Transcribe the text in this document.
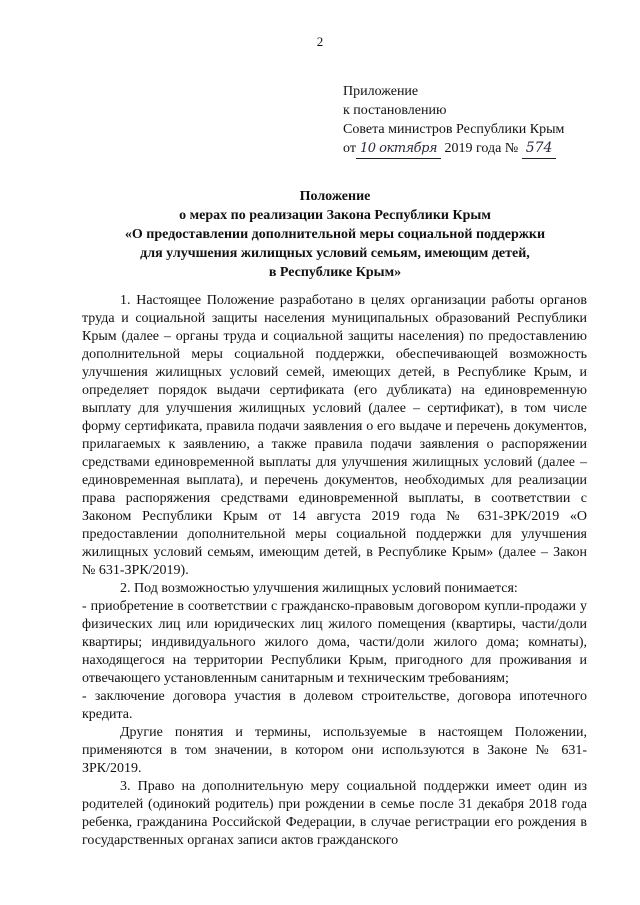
2
Приложение
к постановлению
Совета министров Республики Крым
от 10 октября 2019 года № 574
Положение
о мерах по реализации Закона Республики Крым
«О предоставлении дополнительной меры социальной поддержки
для улучшения жилищных условий семьям, имеющим детей,
в Республике Крым»

1. Настоящее Положение разработано в целях организации работы органов труда и социальной защиты населения муниципальных образований Республики Крым (далее – органы труда и социальной защиты населения) по предоставлению дополнительной меры социальной поддержки, обеспечивающей возможность улучшения жилищных условий семей, имеющих детей, в Республике Крым, и определяет порядок выдачи сертификата (его дубликата) на единовременную выплату для улучшения жилищных условий (далее – сертификат), в том числе форму сертификата, правила подачи заявления о его выдаче и перечень документов, прилагаемых к заявлению, а также правила подачи заявления о распоряжении средствами единовременной выплаты для улучшения жилищных условий (далее – единовременная выплата), и перечень документов, необходимых для реализации права распоряжения средствами единовременной выплаты, в соответствии с Законом Республики Крым от 14 августа 2019 года № 631-ЗРК/2019 «О предоставлении дополнительной меры социальной поддержки для улучшения жилищных условий семьям, имеющим детей, в Республике Крым» (далее – Закон № 631-ЗРК/2019).

2. Под возможностью улучшения жилищных условий понимается:

- приобретение в соответствии с гражданско-правовым договором купли-продажи у физических лиц или юридических лиц жилого помещения (квартиры, части/доли квартиры; индивидуального жилого дома, части/доли жилого дома; комнаты), находящегося на территории Республики Крым, пригодного для проживания и отвечающего установленным санитарным и техническим требованиям;

- заключение договора участия в долевом строительстве, договора ипотечного кредита.

Другие понятия и термины, используемые в настоящем Положении, применяются в том значении, в котором они используются в Законе № 631-ЗРК/2019.

3. Право на дополнительную меру социальной поддержки имеет один из родителей (одинокий родитель) при рождении в семье после 31 декабря 2018 года ребенка, гражданина Российской Федерации, в случае регистрации его рождения в государственных органах записи актов гражданского
